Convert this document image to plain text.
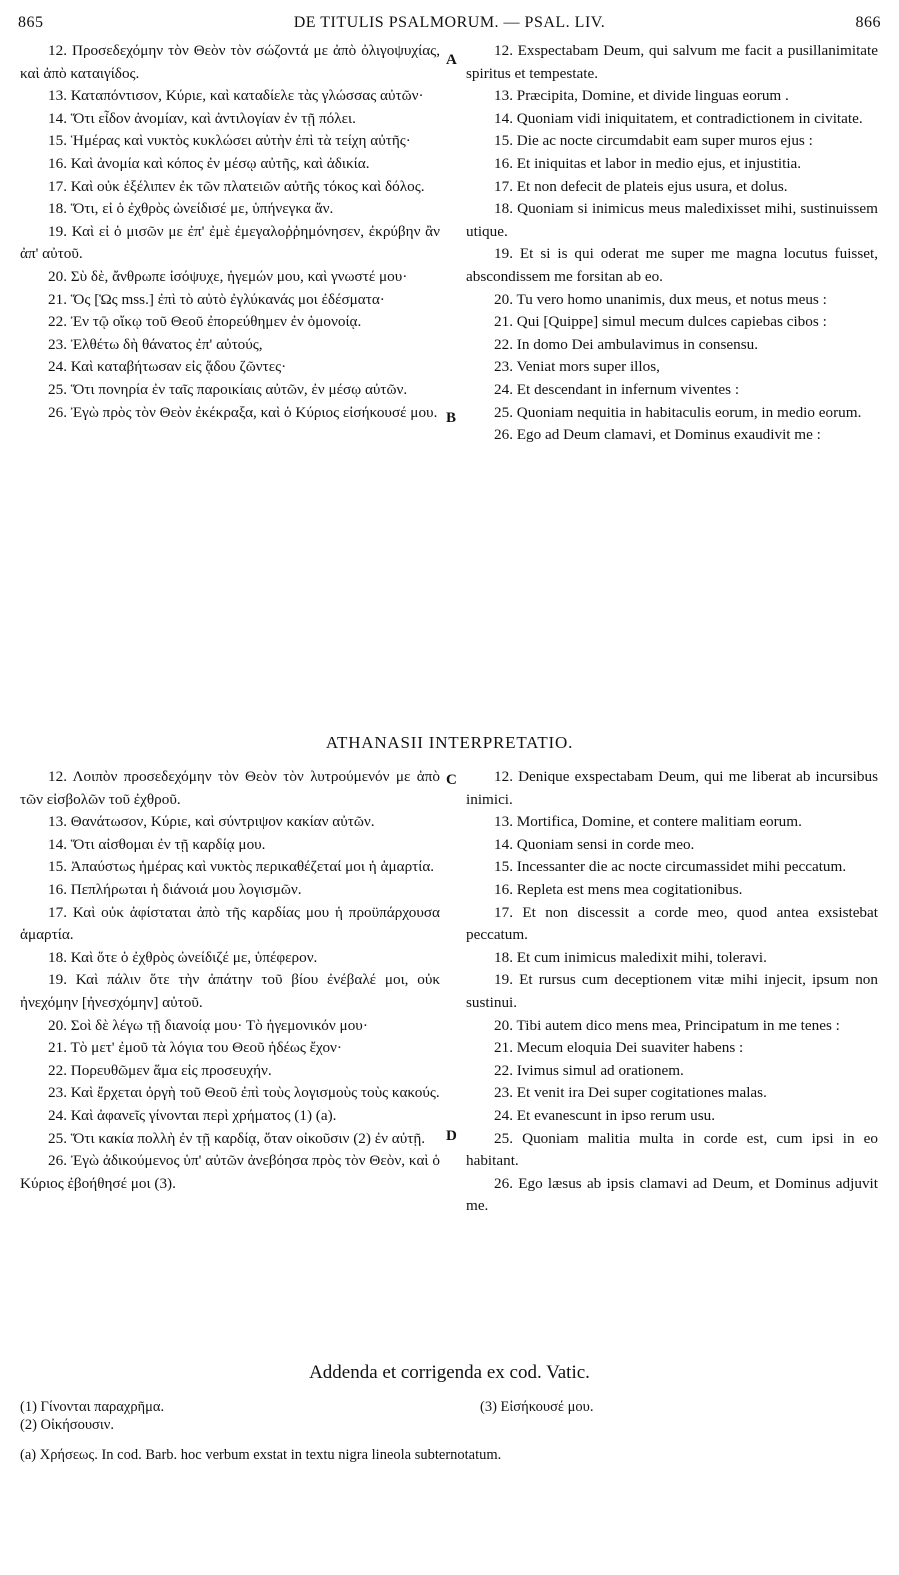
865	DE TITULIS PSALMORUM. — PSAL. LIV.	866
A
B
C
D

12. Προσεδεχόμην τὸν Θεὸν τὸν σώζοντά με ἀπὸ ὀλιγοψυχίας, καὶ ἀπὸ καταιγίδος.

13. Καταπόντισον, Κύριε, καὶ καταδίελε τὰς γλώσσας αὐτῶν·

14. Ὅτι εἶδον ἀνομίαν, καὶ ἀντιλογίαν ἐν τῇ πόλει.

15. Ἡμέρας καὶ νυκτὸς κυκλώσει αὐτὴν ἐπὶ τὰ τείχη αὐτῆς·

16. Καὶ ἀνομία καὶ κόπος ἐν μέσῳ αὐτῆς, καὶ ἀδικία.

17. Καὶ οὐκ ἐξέλιπεν ἐκ τῶν πλατειῶν αὐτῆς τόκος καὶ δόλος.

18. Ὅτι, εἰ ὁ ἐχθρὸς ὠνείδισέ με, ὑπήνεγκα ἄν.

19. Καὶ εἰ ὁ μισῶν με ἐπ' ἐμὲ ἐμεγαλοῤῥημόνησεν, ἐκρύβην ἂν ἀπ' αὐτοῦ.

20. Σὺ δὲ, ἄνθρωπε ἰσόψυχε, ἡγεμών μου, καὶ γνωστέ μου·

21. Ὅς [Ὡς mss.] ἐπὶ τὸ αὐτὸ ἐγλύκανάς μοι ἐδέσματα·

22. Ἐν τῷ οἴκῳ τοῦ Θεοῦ ἐπορεύθημεν ἐν ὁμονοίᾳ.

23. Ἐλθέτω δὴ θάνατος ἐπ' αὐτούς,

24. Καὶ καταβήτωσαν εἰς ᾅδου ζῶντες·

25. Ὅτι πονηρία ἐν ταῖς παροικίαις αὐτῶν, ἐν μέσῳ αὐτῶν.

26. Ἐγὼ πρὸς τὸν Θεὸν ἐκέκραξα, καὶ ὁ Κύριος εἰσήκουσέ μου.

12. Exspectabam Deum, qui salvum me facit a pusillanimitate spiritus et tempestate.

13. Præcipita, Domine, et divide linguas eorum .

14. Quoniam vidi iniquitatem, et contradictionem in civitate.

15. Die ac nocte circumdabit eam super muros ejus :

16. Et iniquitas et labor in medio ejus, et injustitia.

17. Et non defecit de plateis ejus usura, et dolus.

18. Quoniam si inimicus meus maledixisset mihi, sustinuissem utique.

19. Et si is qui oderat me super me magna locutus fuisset, abscondissem me forsitan ab eo.

20. Tu vero homo unanimis, dux meus, et notus meus :

21. Qui [Quippe] simul mecum dulces capiebas cibos :

22. In domo Dei ambulavimus in consensu.

23. Veniat mors super illos,

24. Et descendant in infernum viventes :

25. Quoniam nequitia in habitaculis eorum, in medio eorum.

26. Ego ad Deum clamavi, et Dominus exaudivit me :

ATHANASII INTERPRETATIO.

12. Λοιπὸν προσεδεχόμην τὸν Θεὸν τὸν λυτρούμενόν με ἀπὸ τῶν εἰσβολῶν τοῦ ἐχθροῦ.

13. Θανάτωσον, Κύριε, καὶ σύντριψον κακίαν αὐτῶν.

14. Ὅτι αἰσθομαι ἐν τῇ καρδίᾳ μου.

15. Ἀπαύστως ἡμέρας καὶ νυκτὸς περικαθέζεταί μοι ἡ ἁμαρτία.

16. Πεπλήρωται ἡ διάνοιά μου λογισμῶν.

17. Καὶ οὐκ ἀφίσταται ἀπὸ τῆς καρδίας μου ἡ προϋπάρχουσα ἁμαρτία.

18. Καὶ ὅτε ὁ ἐχθρὸς ὠνείδιζέ με, ὑπέφερον.

19. Καὶ πάλιν ὅτε τὴν ἀπάτην τοῦ βίου ἐνέβαλέ μοι, οὐκ ἠνεχόμην [ἠνεσχόμην] αὐτοῦ.

20. Σοὶ δὲ λέγω τῇ διανοίᾳ μου· Τὸ ἡγεμονικόν μου·

21. Τὸ μετ' ἐμοῦ τὰ λόγια του Θεοῦ ἡδέως ἔχον·

22. Πορευθῶμεν ἅμα εἰς προσευχήν.

23. Καὶ ἔρχεται ὀργὴ τοῦ Θεοῦ ἐπὶ τοὺς λογισμοὺς τοὺς κακούς.

24. Καὶ ἀφανεῖς γίνονται περὶ χρήματος (1) (a).

25. Ὅτι κακία πολλὴ ἐν τῇ καρδίᾳ, ὅταν οἰκοῦσιν (2) ἐν αὐτῇ.

26. Ἐγὼ ἀδικούμενος ὑπ' αὐτῶν ἀνεβόησα πρὸς τὸν Θεὸν, καὶ ὁ Κύριος ἐβοήθησέ μοι (3).

12. Denique exspectabam Deum, qui me liberat ab incursibus inimici.

13. Mortifica, Domine, et contere malitiam eorum.

14. Quoniam sensi in corde meo.

15. Incessanter die ac nocte circumassidet mihi peccatum.

16. Repleta est mens mea cogitationibus.

17. Et non discessit a corde meo, quod antea exsistebat peccatum.

18. Et cum inimicus maledixit mihi, toleravi.

19. Et rursus cum deceptionem vitæ mihi injecit, ipsum non sustinui.

20. Tibi autem dico mens mea, Principatum in me tenes :

21. Mecum eloquia Dei suaviter habens :

22. Ivimus simul ad orationem.

23. Et venit ira Dei super cogitationes malas.

24. Et evanescunt in ipso rerum usu.

25. Quoniam malitia multa in corde est, cum ipsi in eo habitant.

26. Ego læsus ab ipsis clamavi ad Deum, et Dominus adjuvit me.

Addenda et corrigenda ex cod. Vatic.
(1) Γίνονται παραχρῆμα.
(2) Οἰκήσουσιν.
(3) Εἰσήκουσέ μου.
(a) Χρήσεως. In cod. Barb. hoc verbum exstat in textu nigra lineola subternotatum.
